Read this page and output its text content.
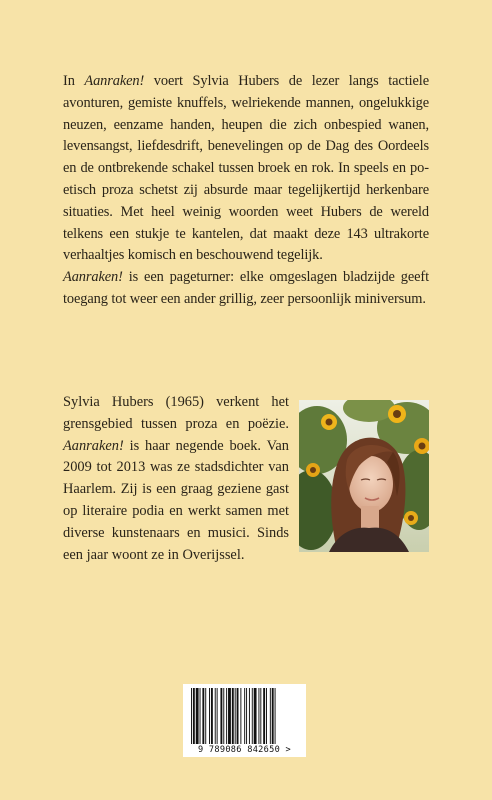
In Aanraken! voert Sylvia Hubers de lezer langs tactiele avonturen, gemiste knuffels, welriekende mannen, ongelukkige neuzen, eenzame handen, heupen die zich onbespied wanen, levensangst, liefdesdrift, benevelingen op de Dag des Oordeels en de ontbrekende schakel tussen broek en rok. In speels en poetisch proza schetst zij absurde maar tegelijkertijd herkenbare situaties. Met heel weinig woorden weet Hubers de wereld telkens een stukje te kantelen, dat maakt deze 143 ultrakorte verhaaltjes komisch en beschouwend tegelijk.

Aanraken! is een pageturner: elke omgeslagen bladzijde geeft toegang tot weer een ander grillig, zeer persoonlijk miniversum.

Sylvia Hubers (1965) verkent het grensgebied tussen proza en poëzie. Aanraken! is haar negende boek. Van 2009 tot 2013 was ze stadsdichter van Haarlem. Zij is een graag geziene gast op literaire podia en werkt samen met diverse kunstenaars en musici. Sinds een jaar woont ze in Overijssel.

9 789086 842650 >
